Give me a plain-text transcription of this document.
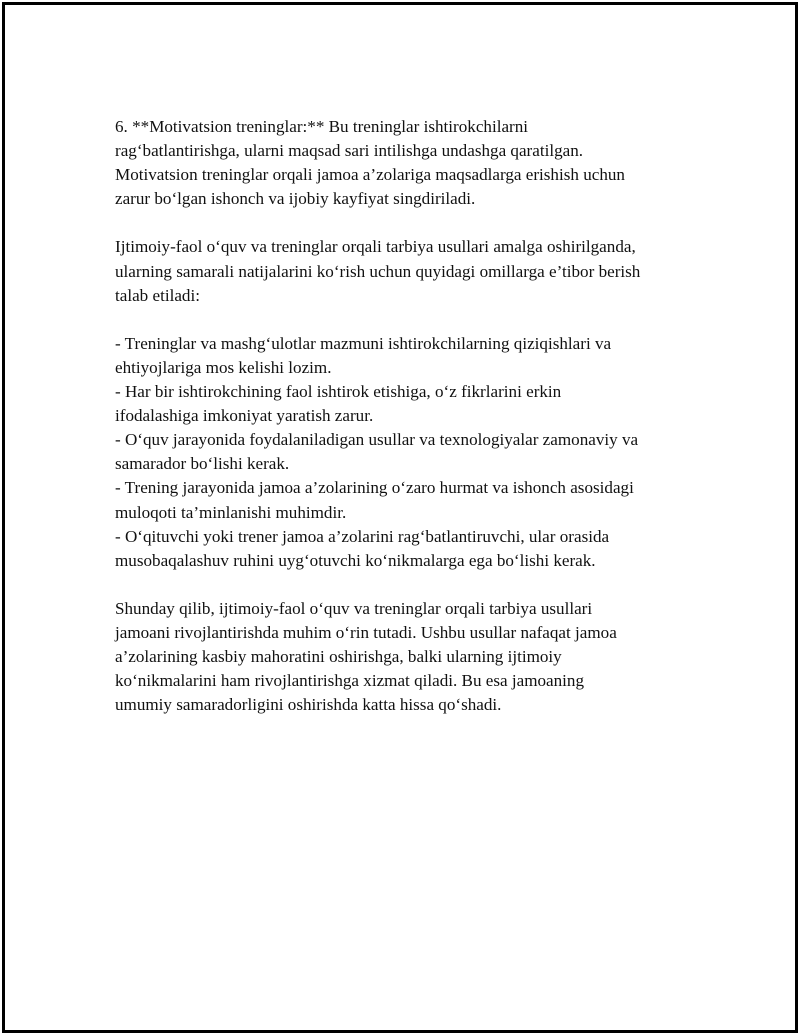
6. **Motivatsion treninglar:** Bu treninglar ishtirokchilarni
rag‘batlantirishga, ularni maqsad sari intilishga undashga qaratilgan.
Motivatsion treninglar orqali jamoa a’zolariga maqsadlarga erishish uchun
zarur bo‘lgan ishonch va ijobiy kayfiyat singdiriladi.
Ijtimoiy-faol o‘quv va treninglar orqali tarbiya usullari amalga oshirilganda,
ularning samarali natijalarini ko‘rish uchun quyidagi omillarga e’tibor berish
talab etiladi:
- Treninglar va mashg‘ulotlar mazmuni ishtirokchilarning qiziqishlari va
ehtiyojlariga mos kelishi lozim.
- Har bir ishtirokchining faol ishtirok etishiga, o‘z fikrlarini erkin
ifodalashiga imkoniyat yaratish zarur.
- O‘quv jarayonida foydalaniladigan usullar va texnologiyalar zamonaviy va
samarador bo‘lishi kerak.
- Trening jarayonida jamoa a’zolarining o‘zaro hurmat va ishonch asosidagi
muloqoti ta’minlanishi muhimdir.
- O‘qituvchi yoki trener jamoa a’zolarini rag‘batlantiruvchi, ular orasida
musobaqalashuv ruhini uyg‘otuvchi ko‘nikmalarga ega bo‘lishi kerak.
Shunday qilib, ijtimoiy-faol o‘quv va treninglar orqali tarbiya usullari
jamoani rivojlantirishda muhim o‘rin tutadi. Ushbu usullar nafaqat jamoa
a’zolarining kasbiy mahoratini oshirishga, balki ularning ijtimoiy
ko‘nikmalarini ham rivojlantirishga xizmat qiladi. Bu esa jamoaning
umumiy samaradorligini oshirishda katta hissa qo‘shadi.
